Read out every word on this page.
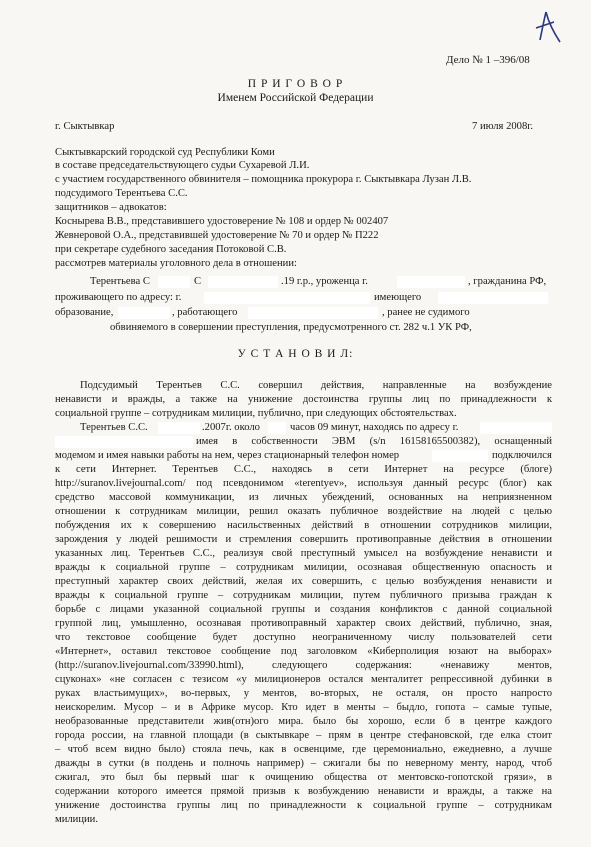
Дело № 1 –396/08
П Р И Г О В О Р
Именем Российской Федерации
г. Сыктывкар	7 июля 2008г.
Сыктывкарский городской суд Республики Коми
в составе председательствующего судьи Сухаревой Л.И.
с участием государственного обвинителя – помощника прокурора г. Сыктывкара Лузан Л.В.
подсудимого Терентьева С.С.
защитников – адвокатов:
Коснырева В.В., представившего удостоверение № 108 и ордер № 002407
Жевнеровой О.А., представившей удостоверение № 70 и ордер № П222
при секретаре судебного заседания Потоковой С.В.
рассмотрев материалы уголовного дела в отношении:
Терентьева С	С	.19 г.р., уроженца г.	, гражданина РФ,
проживающего по адресу: г.	имеющего
образование,	, работающего	, ранее не судимого
обвиняемого в совершении преступления, предусмотренного ст. 282 ч.1 УК РФ,
У С Т А Н О В И Л:
Подсудимый Терентьев С.С. совершил действия, направленные на возбуждение
ненависти и вражды, а также на унижение достоинства группы лиц по принадлежности к
социальной группе – сотрудникам милиции, публично, при следующих обстоятельствах.
Терентьев С.С.	.2007г. около	часов 09 минут, находясь по адресу г.
имея в собственности ЭВМ (s/n 16158165500382), оснащенный
модемом и имея навыки работы на нем, через стационарный телефон номер	подключился
к сети Интернет. Терентьев С.С., находясь в сети Интернет на ресурсе (блоге)
http://suranov.livejournal.com/ под псевдонимом «terentyev», используя данный ресурс (блог) как
средство массовой коммуникации, из личных убеждений, основанных на неприязненном
отношении к сотрудникам милиции, решил оказать публичное воздействие на людей с целью
побуждения их к совершению насильственных действий в отношении сотрудников милиции,
зарождения у людей решимости и стремления совершить противоправные действия в отношении
указанных лиц. Терентьев С.С., реализуя свой преступный умысел на возбуждение ненависти и
вражды к социальной группе – сотрудникам милиции, осознавая общественную опасность и
преступный характер своих действий, желая их совершить, с целью возбуждения ненависти и
вражды к социальной группе – сотрудникам милиции, путем публичного призыва граждан к
борьбе с лицами указанной социальной группы и создания конфликтов с данной социальной
группой лиц, умышленно, осознавая противоправный характер своих действий, публично, зная,
что текстовое сообщение будет доступно неограниченному числу пользователей сети
«Интернет», оставил текстовое сообщение под заголовком «Киберполиция юзают на выборах»
(http://suranov.livejournal.com/33990.html), следующего содержания: «ненавижу ментов,
сцуконах» «не согласен с тезисом «у милиционеров остался менталитет репрессивной дубинки в
руках властьимущих», во-первых, у ментов, во-вторых, не осталя, он просто напросто
неискорелим. Мусор – и в Африке мусор. Кто идет в менты – быдло, гопота – самые тупые,
необразованные представители жив(отн)ого мира. было бы хорошо, если б в центре каждого
города россии, на главной площади (в сыктывкаре – прям в центре стефановской, где елка стоит
– чтоб всем видно было) стояла печь, как в освенциме, где церемониально, ежедневно, а лучше
дважды в сутки (в полдень и полночь например) – сжигали бы по неверному менту, народ, чтоб
сжигал, это был бы первый шаг к очищению общества от ментовско-гопотской грязи», в
содержании которого имеется прямой призыв к возбуждению ненависти и вражды, а также на
унижение достоинства группы лиц по принадлежности к социальной группе – сотрудникам
милиции.
